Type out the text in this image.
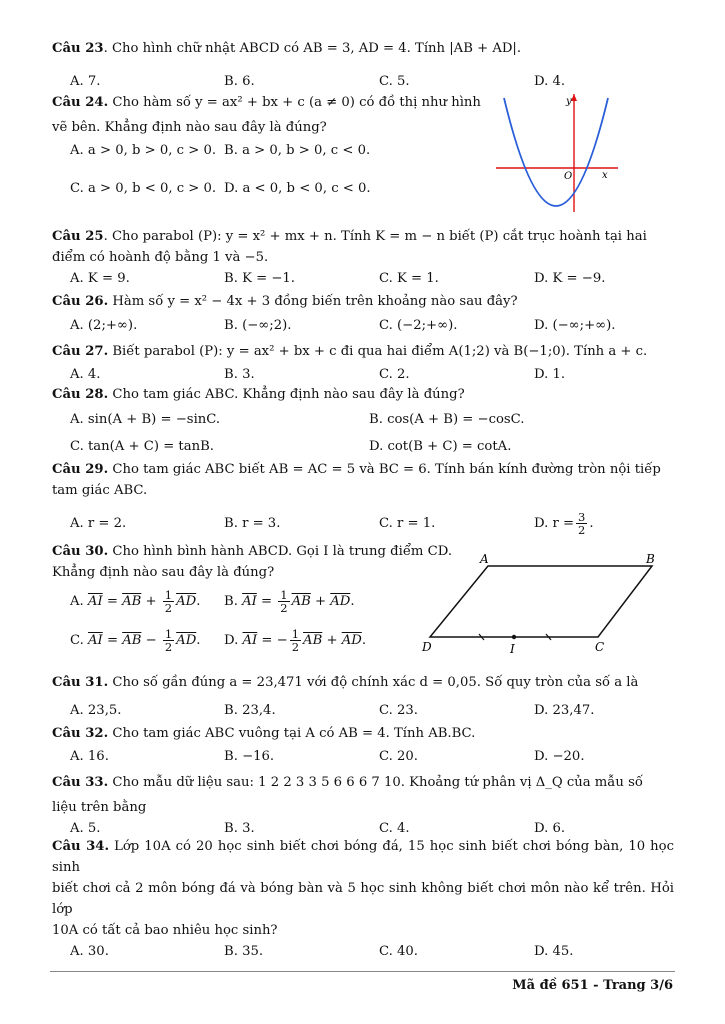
Câu 23. Cho hình chữ nhật ABCD có AB = 3, AD = 4. Tính |AB + AD|.
A. 7.	B. 6.	C. 5.	D. 4.
Câu 24. Cho hàm số y = ax² + bx + c (a ≠ 0) có đồ thị như hình
vẽ bên. Khẳng định nào sau đây là đúng?
A. a > 0, b > 0, c > 0. B. a > 0, b > 0, c < 0.
C. a > 0, b < 0, c > 0. D. a < 0, b < 0, c < 0.
y
x
O
Câu 25. Cho parabol (P): y = x² + mx + n. Tính K = m − n biết (P) cắt trục hoành tại hai
điểm có hoành độ bằng 1 và −5.
A. K = 9.	B. K = −1.	C. K = 1.	D. K = −9.
Câu 26. Hàm số y = x² − 4x + 3 đồng biến trên khoảng nào sau đây?
A. (2;+∞).	B. (−∞;2).	C. (−2;+∞).	D. (−∞;+∞).
Câu 27. Biết parabol (P): y = ax² + bx + c đi qua hai điểm A(1;2) và B(−1;0). Tính a + c.
A. 4.	B. 3.	C. 2.	D. 1.
Câu 28. Cho tam giác ABC. Khẳng định nào sau đây là đúng?
A. sin(A + B) = −sinC.	B. cos(A + B) = −cosC.
C. tan(A + C) = tanB.	D. cot(B + C) = cotA.
Câu 29. Cho tam giác ABC biết AB = AC = 5 và BC = 6. Tính bán kính đường tròn nội tiếp
tam giác ABC.
A. r = 2.	B. r = 3.	C. r = 1.	D. $r = \frac{3}{2}$ .
Câu 30. Cho hình bình hành ABCD. Gọi I là trung điểm CD.
Khẳng định nào sau đây là đúng?
A. $\overline{AI} = \overline{AB} + \frac{1}{2} \overline{AD}$. B. $\overline{AI} = \frac{1}{2} \overline{AB} + \overline{AD}$.
C. $\overline{AI} = \overline{AB} - \frac{1}{2} \overline{AD}$. D. $\overline{AI}$ = − $\frac{1}{2} \overline{AB} + \overline{AD}$.
A	B
C
D	I
Câu 31. Cho số gần đúng a = 23,471 với độ chính xác d = 0,05. Số quy tròn của số a là
A. 23,5.	B. 23,4.	C. 23.	D. 23,47.
Câu 32. Cho tam giác ABC vuông tại A có AB = 4. Tính AB.BC.
A. 16.	B. −16.	C. 20.	D. −20.
Câu 33. Cho mẫu dữ liệu sau: 1 2 2 3 3 5 6 6 6 7 10. Khoảng tứ phân vị Δ_Q của mẫu số
liệu trên bằng
A. 5.	B. 3.	C. 4.	D. 6.
Câu 34. Lớp 10A có 20 học sinh biết chơi bóng đá, 15 học sinh biết chơi bóng bàn, 10 học sinh
biết chơi cả 2 môn bóng đá và bóng bàn và 5 học sinh không biết chơi môn nào kể trên. Hỏi lớp
10A có tất cả bao nhiêu học sinh?
A. 30.	B. 35.	C. 40.	D. 45.
Mã đề 651 - Trang 3/6
